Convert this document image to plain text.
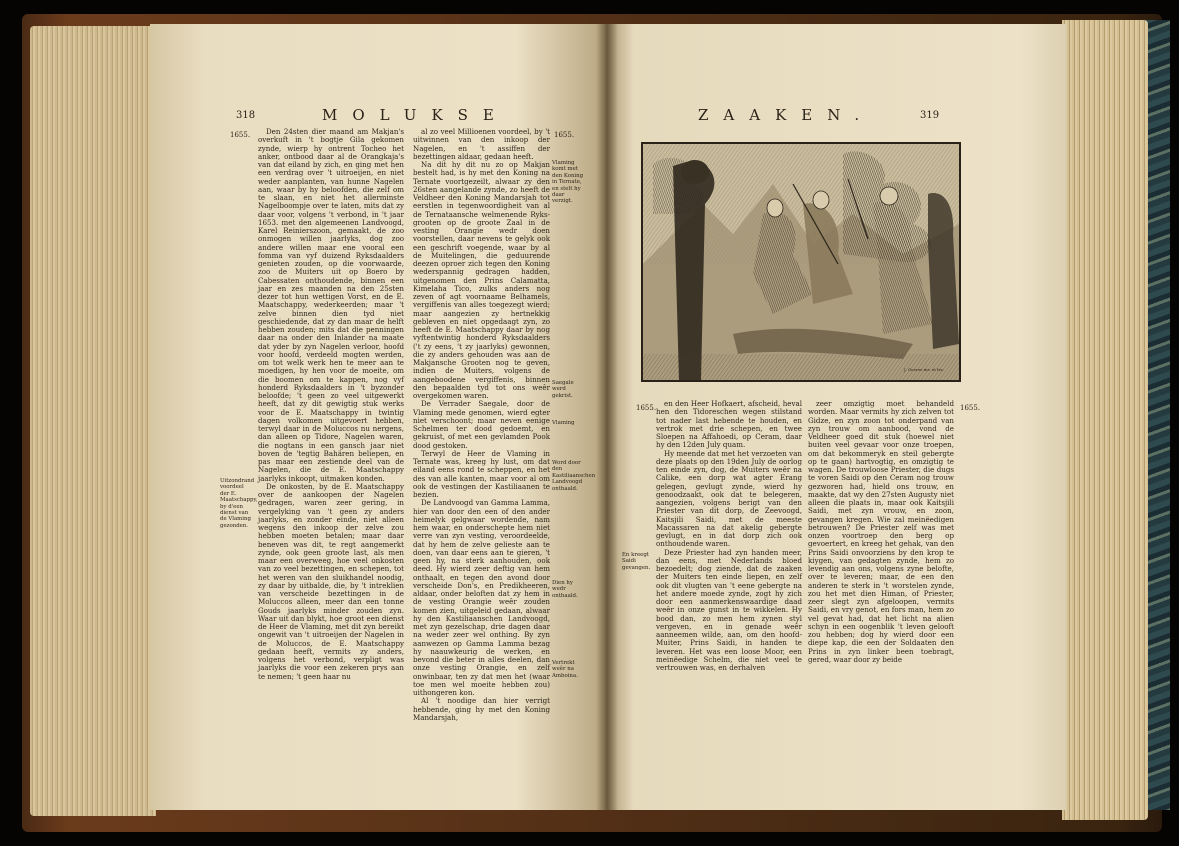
318	MOLUKSE
1655.	1655.

Den 24sten dier maand am Makjan's overkuft in 't bogtje Gila gekomen zynde, wierp hy ontrent Tocheo het anker, ontbood daar al de Orangkaja's van dat eiland by zich, en ging met hen een verdrag over 't uitroeijen, en niet weder aanplanten, van hunne Nagelen aan, waar by hy beloofden, die zelf om te slaan, en niet het allerminste Nagelboompje over te laten, mits dat zy daar voor, volgens 't verbond, in 't jaar 1653. met den algemeenen Landvoogd, Karel Reinierszoon, gemaakt, de zoo onmogen willen jaarlyks, dog zoo andere willen maar ene vooral een fomma van vyf duizend Ryksdaalders genieten zouden, op die voorwaarde, zoo de Muiters uit op Boero by Cabessaten onthoudende, binnen een jaar en zes maanden na den 25sten dezer tot hun wettigen Vorst, en de E. Maatschappy, wederkeerden; maar 't zelve binnen dien tyd niet geschiedende, dat zy dan maar de helft hebben zouden; mits dat die penningen daar na onder den Inlander na maate dat yder by zyn Nagelen verloor, hoofd voor hoofd, verdeeld mogten werden, om tot welk werk hen te meer aan te moedigen, hy hen voor de moeite, om die boomen om te kappen, nog vyf honderd Ryksdaalders in 't byzonder beloofde; 't geen zo veel uitgewerkt heeft, dat zy dit gewigtig stuk werks voor de E. Maatschappy in twintig dagen volkomen uitgevoert hebben, terwyl daar in de Moluccos nu nergens, dan alleen op Tidore, Nagelen waren, die nogtans in een gansch jaar niet boven de 'tegtig Bahären beliepen, en pas maar een zestiende deel van de Nagelen, die de E. Maatschappy jaarlyks inkoopt, uitmaken konden.

De onkosten, by de E. Maatschappy over de aankoopen der Nagelen gedragen, waren zeer gering, in vergelyking van 't geen zy anders jaarlyks, en zonder einde, niet alleen wegens den inkoop der zelve zou hebben moeten betalen; maar daar beneven was dit, te regt aangemerkt zynde, ook geen groote last, als men maar een overweeg, hoe veel onkosten van zo veel bezettingen, en schepen, tot het weren van den sluikhandel noodig, zy daar by uitbalde, die, by 't intreklien van verscheide bezettingen in de Moluccos alleen, meer dan een tonne Gouds jaarlyks minder zouden zyn. Waar uit dan blykt, hoe groot een dienst de Heer de Vlaming, met dit zyn bereikt ongewit van 't uitroeijen der Nagelen in de Moluccos, de E. Maatschappy gedaan heeft, vermits zy anders, volgens het verbond, verpligt was jaarlyks die voor een zekeren prys aan te nemen; 't geen haar nu

al zo veel Millioenen voordeel, by 't uitwinnen van den inkoop der Nagelen, en 't assiffen der bezettingen aldaar, gedaan heeft.

Na dit hy dit nu zo op Makjan bestelt had, is hy met den Koning na Ternate voortgezeilt, alwaar zy den 26sten aangelande zynde, zo heeft de Veldheer den Koning Mandarsjah tot eerstlen in tegenwoordigheit van al de Ternataansche welmenende Ryks-grooten op de groote Zaal in de vesting Orangie wedr doen voorstellen, daar nevens te gelyk ook een geschrift voegende, waar by al de Muitelingen, die geduurende deezen oproer zich tegen den Koning wederspannig gedragen hadden, uitgenomen den Prins Calamatta, Kimelaha Tico, zulks anders nog zeven of agt voornaame Belhamels, vergiffenis van alles toegezegt wierd; maar aangezien zy hertnekkig gebleven en niet opgedaagt zyn, zo heeft de E. Maatschappy daar by nog vyftentwintig honderd Ryksdaalders ('t zy eens, 't zy jaarlyks) gewonnen, die zy anders gehouden was aan de Makjansche Grooten nog te geven, indien de Muiters, volgens de aangeboodene vergiffenis, binnen den bepaalden tyd tot ons weêr overgekomen waren.

De Verrader Saegale, door de Vlaming mede genomen, wierd egter niet verschoont; maar neven eenige Schelmen ter dood gedoemt, en gekruist, of met een gevlamden Pook dood gestoken.

Terwyl de Heer de Vlaming in Ternate was, kreeg hy lust, om dat eiland eens rond te scheppen, en het des van alle kanten, maar voor al om ook de vestingen der Kastiliaanen te bezien.

De Landvoogd van Gamma Lamma, hier van door den een of den ander heimelyk gelgwaar wordende, nam hem waar, en onderschepte hem niet verre van zyn vesting, veroordeelde, dat hy hem de zelve gelieste aan te doen, van daar eens aan te gieren, 't geen hy, na sterk aanhouden, ook deed. Hy wierd zeer deftig van hem onthaalt, en tegen den avond door verscheide Don's, en Predikheeren, aldaar, onder beloften dat zy hem in de vesting Orangie weêr zouden komen zien, uitgeleid gedaan, alwaar hy den Kastiliaanschen Landvoogd, met zyn gezelschap, drie dagen daar na weder zeer wel onthing. By zyn aanwezen op Gamma Lamma bezag hy naauwkeurig de werken, en bevond die beter in alles deelen, dan onze vesting Orangie, en zelf onwinbaar, ten zy dat men het (waar toe men wel moeite hebben zou) uithongeren kon.

Al 't noodige dan hier verrigt hebbende, ging hy met den Koning Mandarsjah,

Vlaming komt met den Koning in Ternate, en stelt hy daar verzigt.
Saegale werd gekrist.
Vlaming
Word door den Kastiliaanschen Landvoogd onthaald.
Dien hy wedr onthaald.
Vertrekt weêr na Amboina.
Uitzondrand voordeel der E. Maatschappy, by d'een dienst van de Vlaming gezonden.
ZAAKEN.	319
J. Goeree inv. et fec.
1655.	1655.

en den Heer Hofkaert, afscheid, heval hen den Tidoreschen wegen stilstand tot nader last hebende te houden, en vertrok met drie schepen, en twee Sloepen na Affahoedi, op Ceram, daar hy den 12den July quam.

Hy meende dat met het verzoeten van deze plaats op den 19den July de oorlog ten einde zyn, dog, de Muiters weêr na Calike, een dorp wat agter Erang gelegen, gevlugt zynde, wierd hy genoodzaakt, ook dat te belegeren, aangezien, volgens berigt van den Priester van dit dorp, de Zeevoogd, Kaitsjili Saidi, met de meeste Macassaren na dat akelig gebergte gevlugt, en in dat dorp zich ook onthoudende waren.

Deze Priester had zyn handen meer, dan eens, met Nederlands bloed bezoedelt; dog ziende, dat de zaaken der Muiters ten einde liepen, en zelf ook dit vlugten van 't eene gebergte na het andere moede zynde, zogt hy zich door een aanmerkenswaardige daad weêr in onze gunst in te wikkelen. Hy bood dan, zo men hem zynen styl vergeven, en in genade weêr aanneemen wilde, aan, om den hoofd-Muiter, Prins Saidi, in handen te leveren. Het was een loose Moor, een meinëedige Schelm, die niet veel te vertrouwen was, en derhalven

zeer omzigtig moet behandeld worden. Maar vermits hy zich zelven tot Gidze, en zyn zoon tot onderpand van zyn trouw om aanbood, vond de Veldheer goed dit stuk (hoewel niet buiten veel gevaar voor onze troepen, om dat bekommeryk en steil gebergte op te gaan) hartvogtig, en omzigtig te wagen. De trouwloose Priester, die dugs te voren Saidi op den Ceram nog trouw gezworen had, hield ons trouw, en maakte, dat wy den 27sten Augusty niet alleen die plaats in, maar ook Kaitsjili Saidi, met zyn vrouw, en zoon, gevangen kregen. Wie zal meinëedigen betrouwen? De Priester zelf was met onzen voortroep den berg op gevoertert, en kreeg het gehak, van den Prins Saidi onvoorziens by den krop te kiygen, van gedagten zynde, hem zo levendig aan ons, volgens zyne belofte, over te leveren; maar, de een den anderen te sterk in 't worstelen zynde, zou het met dien Himan, of Priester, zeer slegt zyn afgeloopen, vermits Saidi, en vry genot, en fors man, hem zo vel gevat had, dat het licht na alien schyn in een oogenblik 't leven gelooft zou hebben; dog hy wierd door een diepe kap, die een der Soldaaten den Prins in zyn linker been toebragt, gered, waar door zy beide

En kreegt Saidi gevangen.
